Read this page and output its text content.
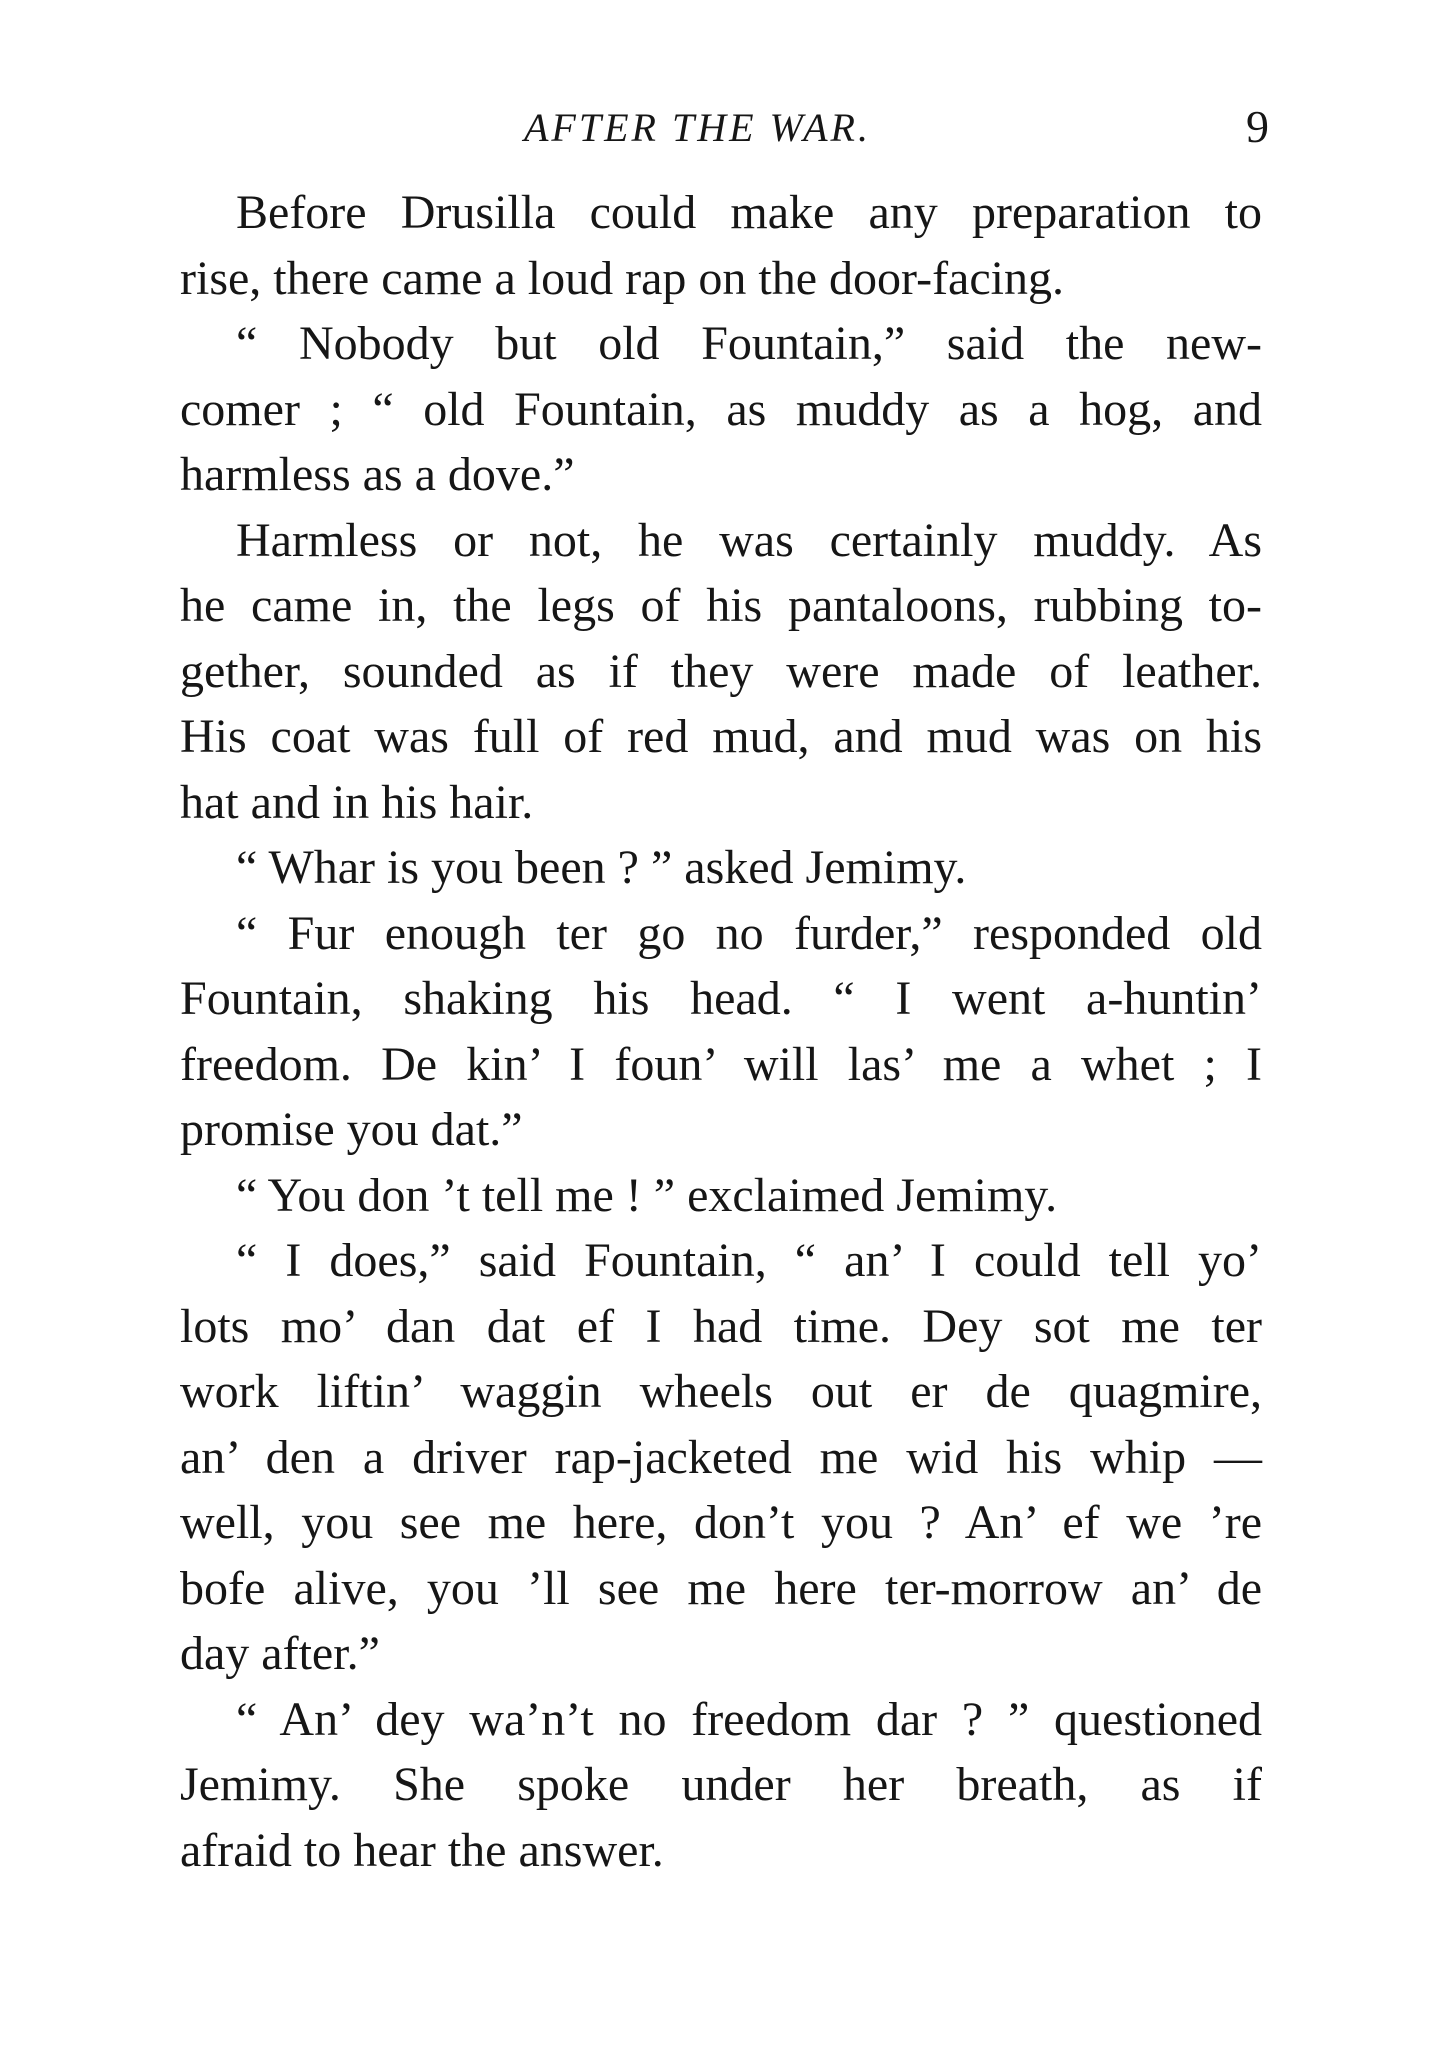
AFTER THE WAR.	9
Before Drusilla could make any preparation to
rise, there came a loud rap on the door-facing.
“ Nobody but old Fountain,” said the new-
comer ; “ old Fountain, as muddy as a hog, and
harmless as a dove.”
Harmless or not, he was certainly muddy. As
he came in, the legs of his pantaloons, rubbing to-
gether, sounded as if they were made of leather.
His coat was full of red mud, and mud was on his
hat and in his hair.
“ Whar is you been ? ” asked Jemimy.
“ Fur enough ter go no furder,” responded old
Fountain, shaking his head. “ I went a-huntin’
freedom. De kin’ I foun’ will las’ me a whet ; I
promise you dat.”
“ You don ’t tell me ! ” exclaimed Jemimy.
“ I does,” said Fountain, “ an’ I could tell yo’
lots mo’ dan dat ef I had time. Dey sot me ter
work liftin’ waggin wheels out er de quagmire,
an’ den a driver rap-jacketed me wid his whip —
well, you see me here, don’t you ? An’ ef we ’re
bofe alive, you ’ll see me here ter-morrow an’ de
day after.”
“ An’ dey wa’n’t no freedom dar ? ” questioned
Jemimy. She spoke under her breath, as if
afraid to hear the answer.
